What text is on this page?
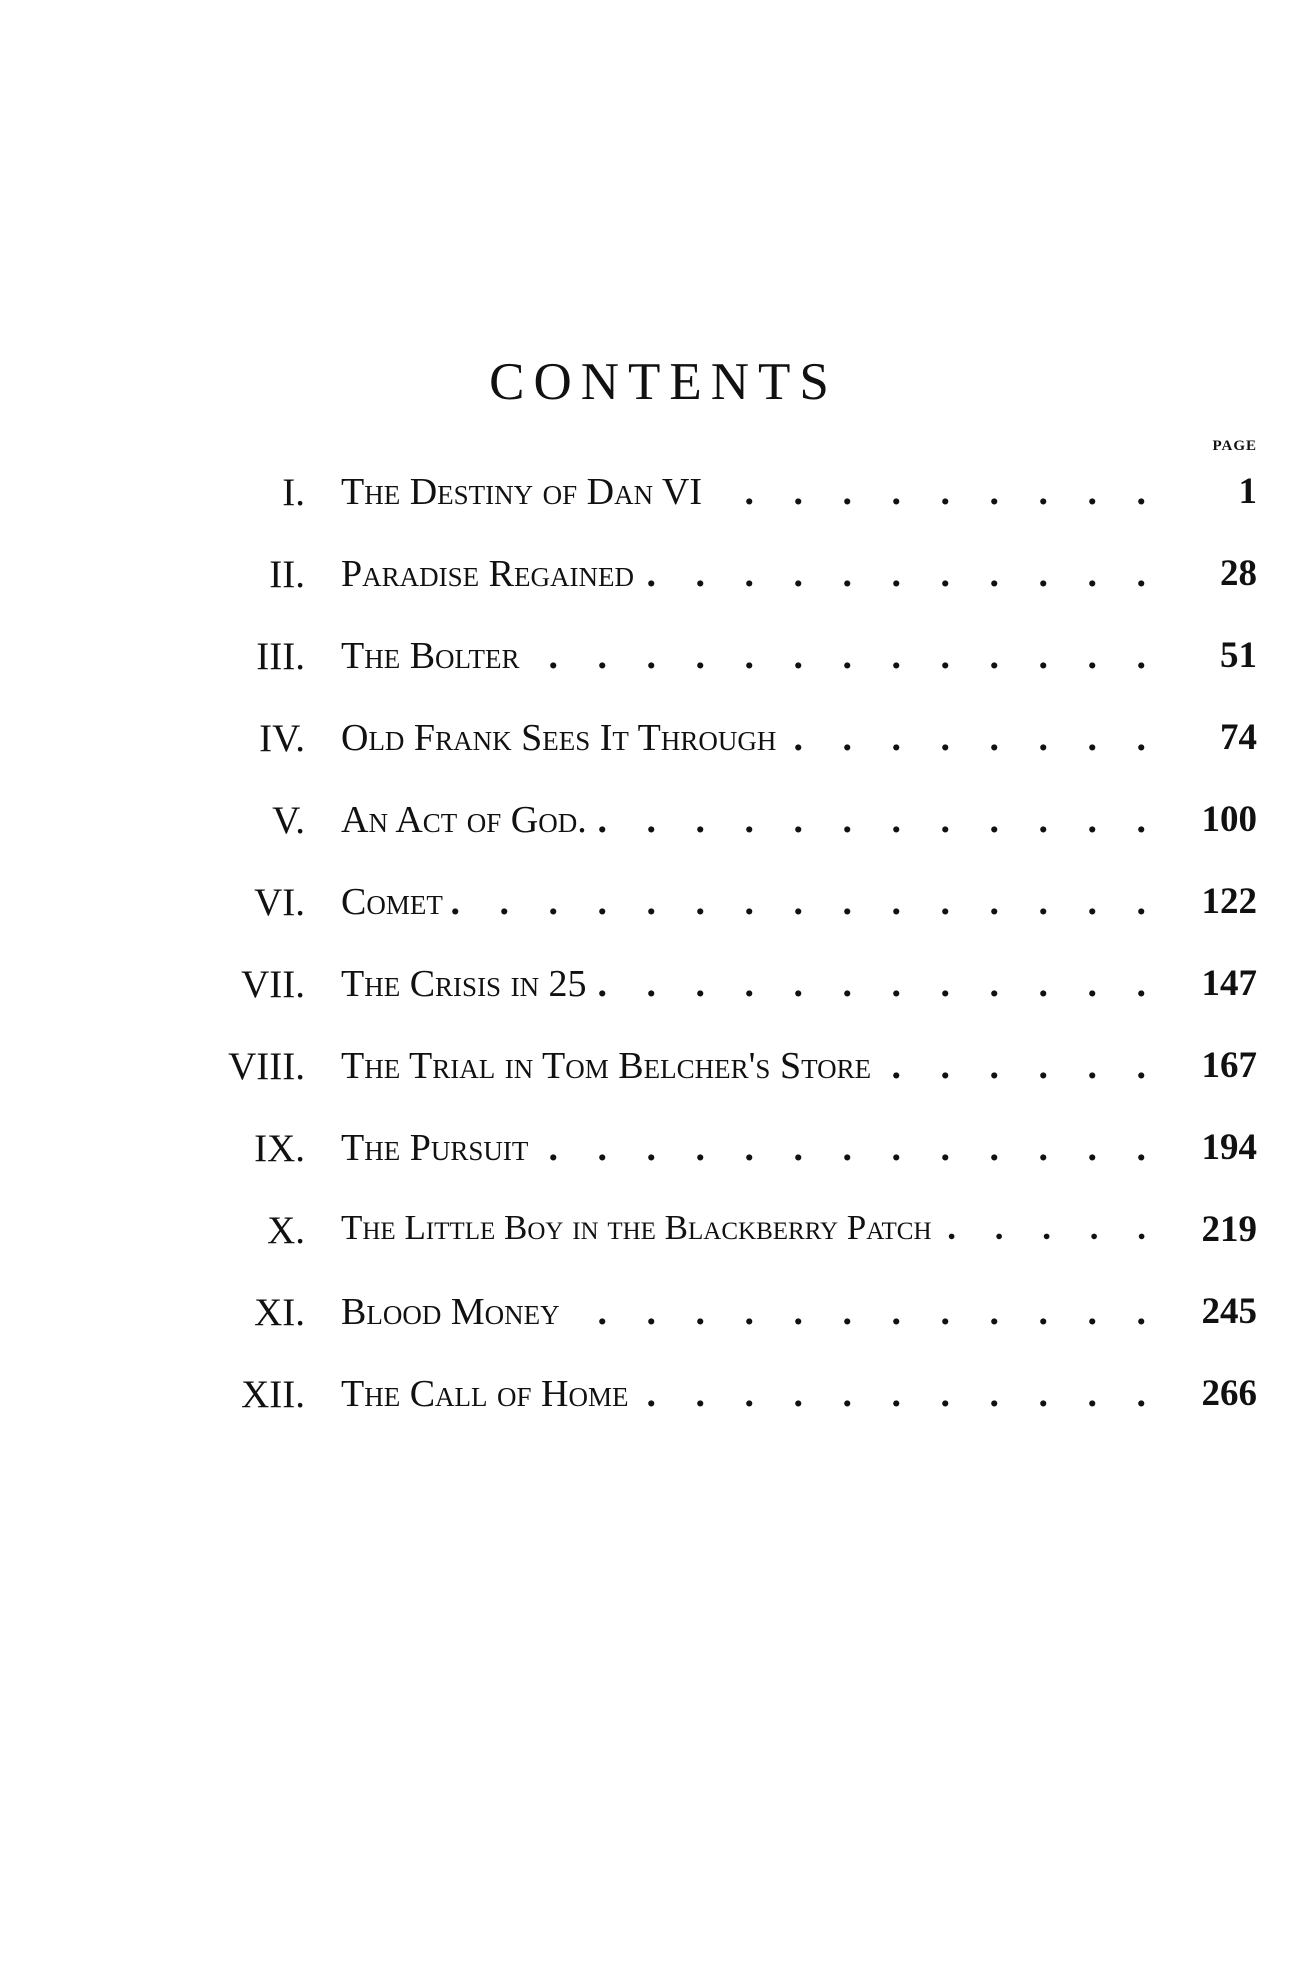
CONTENTS
PAGE
I. The Destiny of Dan VI . . .	1
II. Paradise Regained . . .	28
III. The Bolter . . .	51
IV. Old Frank Sees It Through . . .	74
V. An Act of God. . . .	100
VI. Comet . . .	122
VII. The Crisis in 25 . . .	147
VIII. The Trial in Tom Belcher's Store . . .	167
IX. The Pursuit . . .	194
X. The Little Boy in the Blackberry Patch . . .	219
XI. Blood Money . . .	245
XII. The Call of Home . . .	266
